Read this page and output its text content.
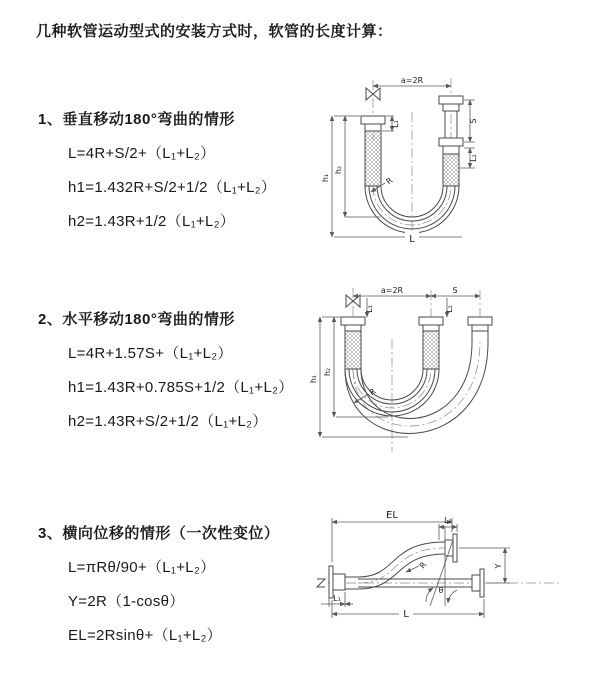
几种软管运动型式的安装方式时，软管的长度计算：
1、垂直移动180°弯曲的情形
L=4R+S/2+（L₁+L₂）
h1=1.432R+S/2+1/2（L₁+L₂）
h2=1.43R+1/2（L₁+L₂）
a=2R
h₁
h₂
L₁	S
L₂
R
L
2、水平移动180°弯曲的情形
L=4R+1.57S+（L₁+L₂）
h1=1.43R+0.785S+1/2（L₁+L₂）
h2=1.43R+S/2+1/2（L₁+L₂）
a=2R	S
L₁	L₂
h₁
h₂
R
3、横向位移的情形（一次性变位）
L=πRθ/90+（L₁+L₂）
Y=2R（1-cosθ）
EL=2Rsinθ+（L₁+L₂）
θ
R
EL	L₂
Y
L₁
L
